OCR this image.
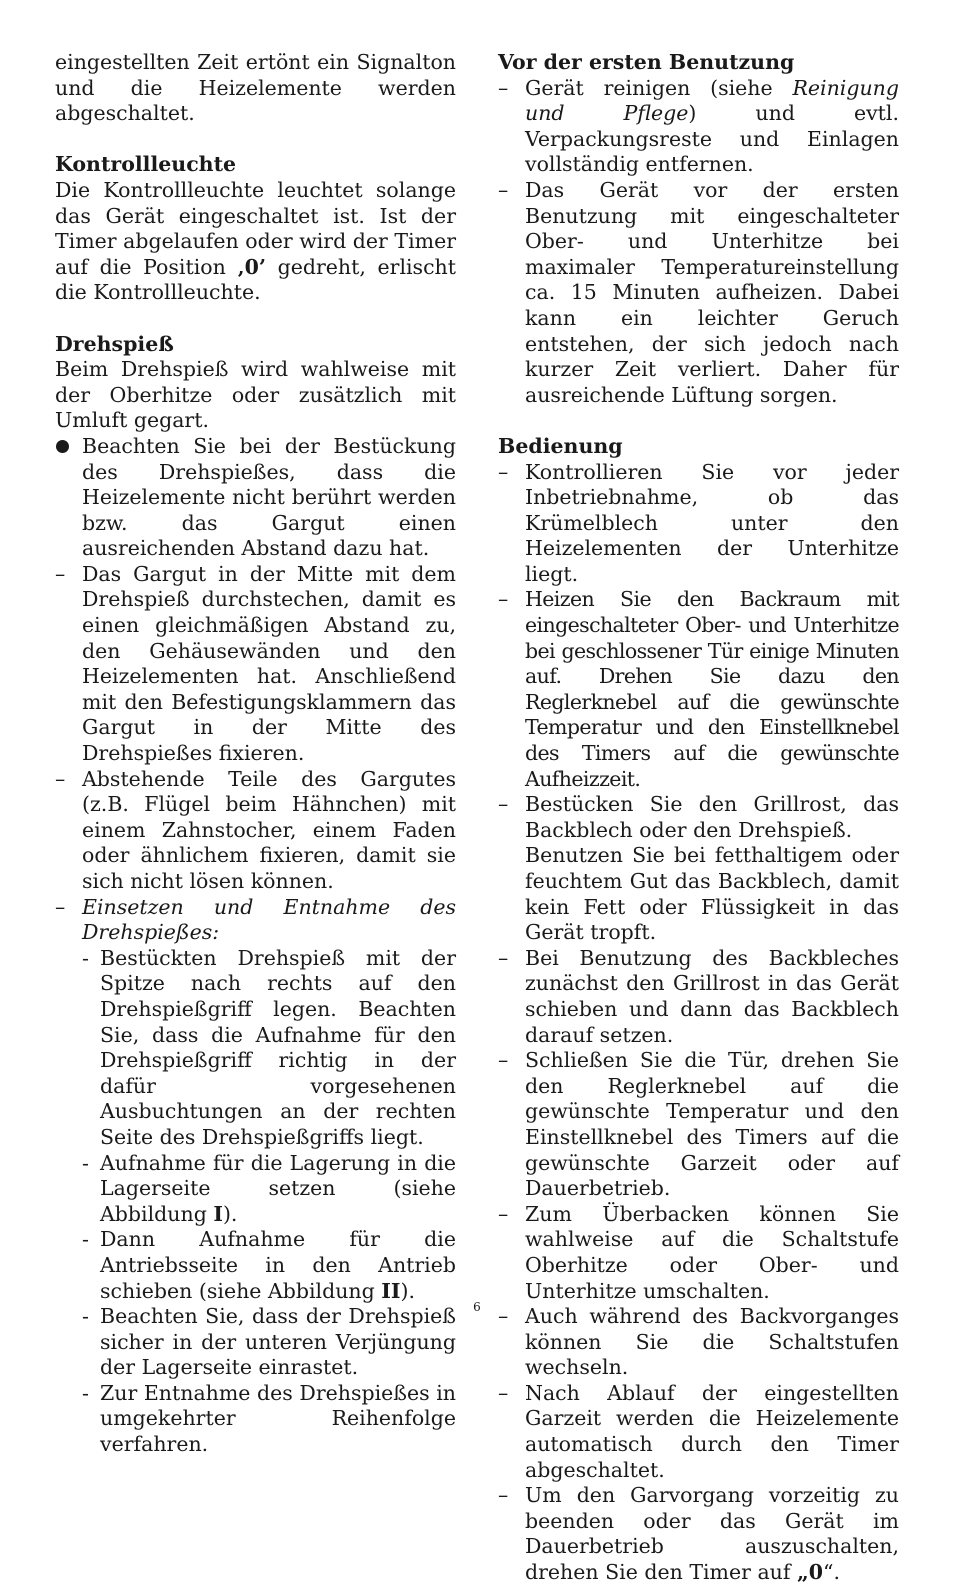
eingestellten Zeit ertönt ein Signalton und die Heizelemente werden abgeschaltet.

Kontrollleuchte

Die Kontrollleuchte leuchtet solange das Gerät eingeschaltet ist. Ist der Timer abgelaufen oder wird der Timer auf die Position ‚0’ gedreht, erlischt die Kontrollleuchte.

Drehspieß

Beim Drehspieß wird wahlweise mit der Oberhitze oder zusätzlich mit Umluft gegart.

Beachten Sie bei der Bestückung des Drehspießes, dass die Heizelemente nicht berührt werden bzw. das Gargut einen ausreichenden Abstand dazu hat.
– Das Gargut in der Mitte mit dem Drehspieß durchstechen, damit es einen gleichmäßigen Abstand zu, den Gehäusewänden und den Heizelementen hat. Anschließend mit den Befestigungsklammern das Gargut in der Mitte des Drehspießes fixieren.
– Abstehende Teile des Gargutes (z.B. Flügel beim Hähnchen) mit einem Zahnstocher, einem Faden oder ähnlichem fixieren, damit sie sich nicht lösen können.
– Einsetzen und Entnahme des Drehspießes:
- Bestückten Drehspieß mit der Spitze nach rechts auf den Drehspießgriff legen. Beachten Sie, dass die Aufnahme für den Drehspießgriff richtig in der dafür vorgesehenen Ausbuchtungen an der rechten Seite des Drehspießgriffs liegt.
- Aufnahme für die Lagerung in die Lagerseite setzen (siehe Abbildung I).
- Dann Aufnahme für die Antriebsseite in den Antrieb schieben (siehe Abbildung II).
- Beachten Sie, dass der Drehspieß sicher in der unteren Verjüngung der Lagerseite einrastet.
- Zur Entnahme des Drehspießes in umgekehrter Reihenfolge verfahren.

Vor der ersten Benutzung

– Gerät reinigen (siehe Reinigung und Pflege) und evtl. Verpackungsreste und Einlagen vollständig entfernen.
– Das Gerät vor der ersten Benutzung mit eingeschalteter Ober- und Unterhitze bei maximaler Temperatureinstellung ca. 15 Minuten aufheizen. Dabei kann ein leichter Geruch entstehen, der sich jedoch nach kurzer Zeit verliert. Daher für ausreichende Lüftung sorgen.

Bedienung

– Kontrollieren Sie vor jeder Inbetriebnahme, ob das Krümelblech unter den Heizelementen der Unterhitze liegt.
– Heizen Sie den Backraum mit eingeschalteter Ober- und Unterhitze bei geschlossener Tür einige Minuten auf. Drehen Sie dazu den Reglerknebel auf die gewünschte Temperatur und den Einstellknebel des Timers auf die gewünschte Aufheizzeit.
– Bestücken Sie den Grillrost, das Backblech oder den Drehspieß.
Benutzen Sie bei fetthaltigem oder feuchtem Gut das Backblech, damit kein Fett oder Flüssigkeit in das Gerät tropft.
– Bei Benutzung des Backbleches zunächst den Grillrost in das Gerät schieben und dann das Backblech darauf setzen.
– Schließen Sie die Tür, drehen Sie den Reglerknebel auf die gewünschte Temperatur und den Einstellknebel des Timers auf die gewünschte Garzeit oder auf Dauerbetrieb.
– Zum Überbacken können Sie wahlweise auf die Schaltstufe Oberhitze oder Ober- und Unterhitze umschalten.
– Auch während des Backvorganges können Sie die Schaltstufen wechseln.
– Nach Ablauf der eingestellten Garzeit werden die Heizelemente automatisch durch den Timer abgeschaltet.
– Um den Garvorgang vorzeitig zu beenden oder das Gerät im Dauerbetrieb auszuschalten, drehen Sie den Timer auf „0“.
6
